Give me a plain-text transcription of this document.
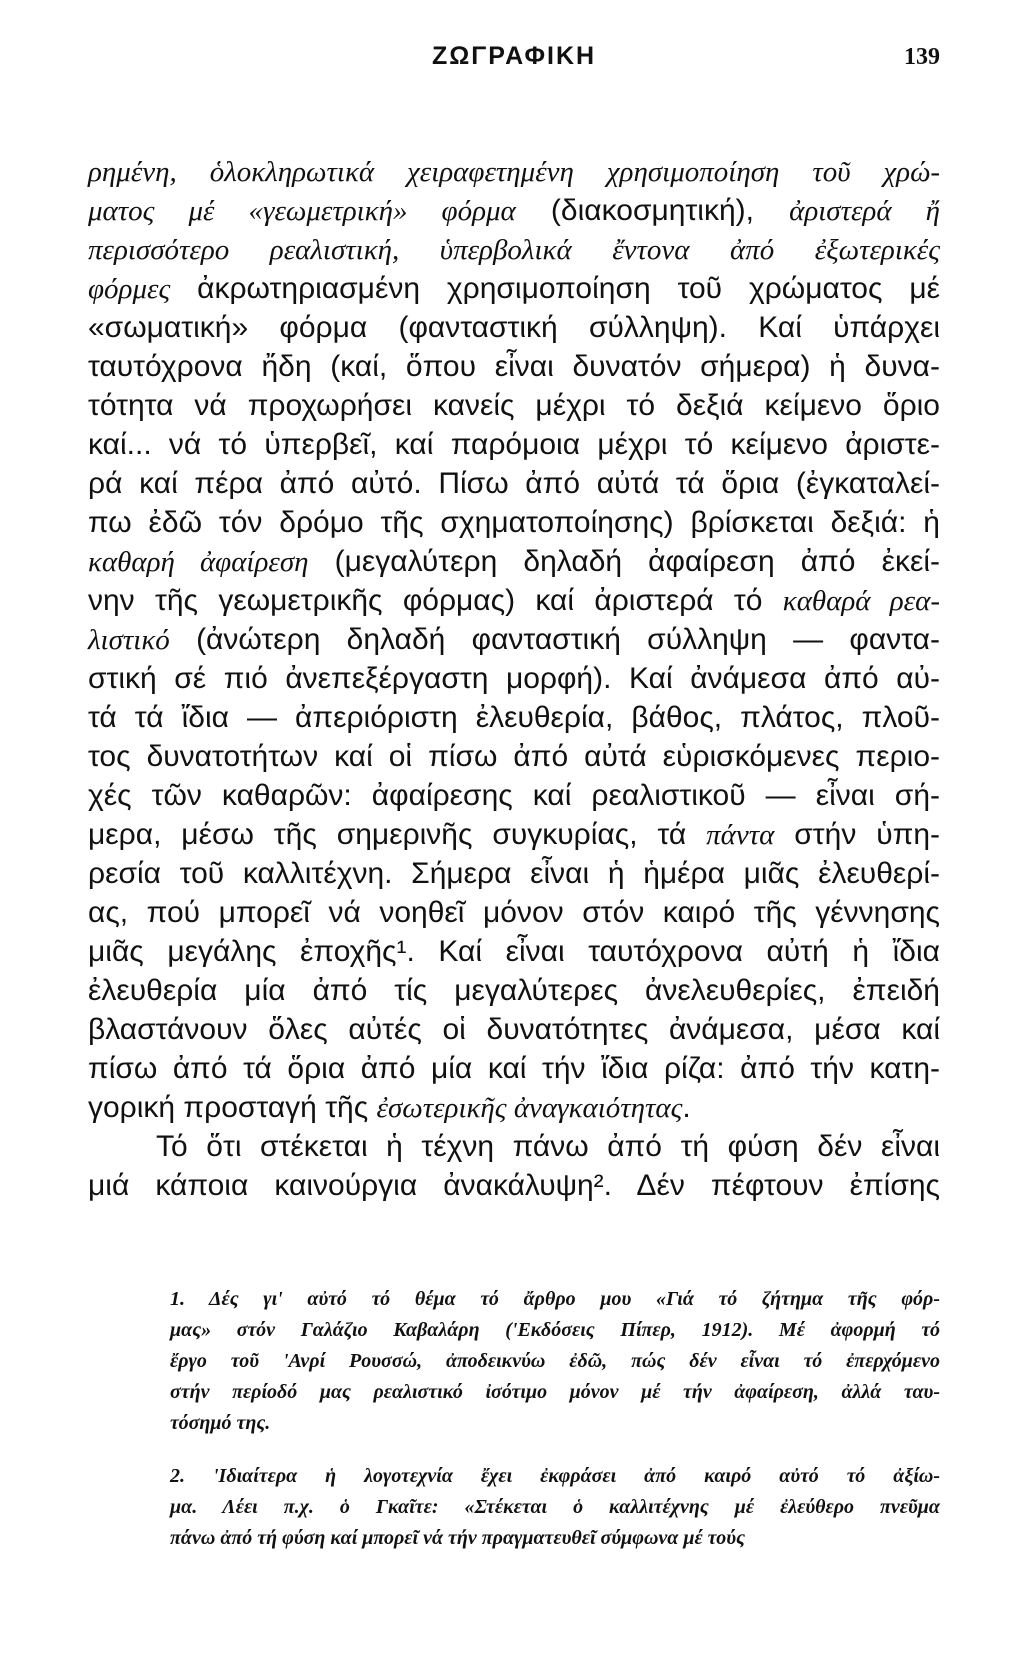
ΖΩΓΡΑΦΙΚΗ	139
ρημένη, ὁλοκληρωτικά χειραφετημένη χρησιμοποίηση τοῦ χρώ-
ματος μέ «γεωμετρική» φόρμα (διακοσμητική), ἀριστερά ἤ
περισσότερο ρεαλιστική, ὑπερβολικά ἔντονα ἀπό ἐξωτερικές
φόρμες ἀκρωτηριασμένη χρησιμοποίηση τοῦ χρώματος μέ
«σωματική» φόρμα (φανταστική σύλληψη). Καί ὑπάρχει
ταυτόχρονα ἤδη (καί, ὅπου εἶναι δυνατόν σήμερα) ἡ δυνα-
τότητα νά προχωρήσει κανείς μέχρι τό δεξιά κείμενο ὅριο
καί... νά τό ὑπερβεῖ, καί παρόμοια μέχρι τό κείμενο ἀριστε-
ρά καί πέρα ἀπό αὐτό. Πίσω ἀπό αὐτά τά ὅρια (ἐγκαταλεί-
πω ἐδῶ τόν δρόμο τῆς σχηματοποίησης) βρίσκεται δεξιά: ἡ
καθαρή ἀφαίρεση (μεγαλύτερη δηλαδή ἀφαίρεση ἀπό ἐκεί-
νην τῆς γεωμετρικῆς φόρμας) καί ἀριστερά τό καθαρά ρεα-
λιστικό (ἀνώτερη δηλαδή φανταστική σύλληψη — φαντα-
στική σέ πιό ἀνεπεξέργαστη μορφή). Καί ἀνάμεσα ἀπό αὐ-
τά τά ἴδια — ἀπεριόριστη ἐλευθερία, βάθος, πλάτος, πλοῦ-
τος δυνατοτήτων καί οἱ πίσω ἀπό αὐτά εὑρισκόμενες περιο-
χές τῶν καθαρῶν: ἀφαίρεσης καί ρεαλιστικοῦ — εἶναι σή-
μερα, μέσω τῆς σημερινῆς συγκυρίας, τά πάντα στήν ὑπη-
ρεσία τοῦ καλλιτέχνη. Σήμερα εἶναι ἡ ἡμέρα μιᾶς ἐλευθερί-
ας, πού μπορεῖ νά νοηθεῖ μόνον στόν καιρό τῆς γέννησης
μιᾶς μεγάλης ἐποχῆς¹. Καί εἶναι ταυτόχρονα αὐτή ἡ ἴδια
ἐλευθερία μία ἀπό τίς μεγαλύτερες ἀνελευθερίες, ἐπειδή
βλαστάνουν ὅλες αὐτές οἱ δυνατότητες ἀνάμεσα, μέσα καί
πίσω ἀπό τά ὅρια ἀπό μία καί τήν ἴδια ρίζα: ἀπό τήν κατη-
γορική προσταγή τῆς ἐσωτερικῆς ἀναγκαιότητας.
Τό ὅτι στέκεται ἡ τέχνη πάνω ἀπό τή φύση δέν εἶναι
μιά κάποια καινούργια ἀνακάλυψη². Δέν πέφτουν ἐπίσης
1. Δές γι' αὐτό τό θέμα τό ἄρθρο μου «Γιά τό ζήτημα τῆς φόρ-
μας» στόν Γαλάζιο Καβαλάρη ('Εκδόσεις Πίπερ, 1912). Μέ ἀφορμή τό
ἔργο τοῦ 'Ανρί Ρουσσώ, ἀποδεικνύω ἐδῶ, πώς δέν εἶναι τό ἐπερχόμενο
στήν περίοδό μας ρεαλιστικό ἰσότιμο μόνον μέ τήν ἀφαίρεση, ἀλλά ταυ-
τόσημό της.
2. 'Ιδιαίτερα ἡ λογοτεχνία ἔχει ἐκφράσει ἀπό καιρό αὐτό τό ἀξίω-
μα. Λέει π.χ. ὁ Γκαῖτε: «Στέκεται ὁ καλλιτέχνης μέ ἐλεύθερο πνεῦμα
πάνω ἀπό τή φύση καί μπορεῖ νά τήν πραγματευθεῖ σύμφωνα μέ τούς
